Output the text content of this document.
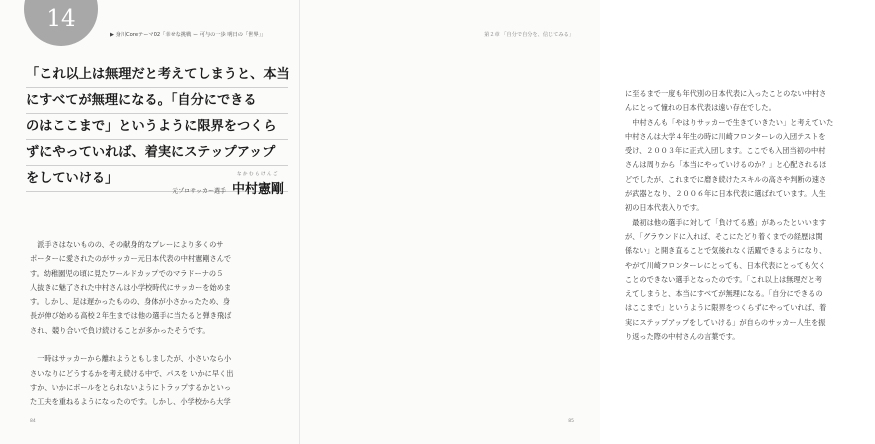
14
▶ 身川Coreテーマ02「幸せな挑戦 ー 可与の一歩 明日の「世界」」
「これ以上は無理だと考えてしまうと、本当
にすべてが無理になる。「自分にできる
のはここまで」というように限界をつくら
ずにやっていれば、着実にステップアップ
をしていける」
元プロサッカー選手
なかむらけんご
中村憲剛
　派手さはないものの、その献身的なプレーにより多くのサ
ポーターに愛されたのがサッカー元日本代表の中村憲剛さんで
す。幼稚園児の頃に見たワールドカップでのマラドーナの５
人抜きに魅了された中村さんは小学校時代にサッカーを始めま
す。しかし、足は遅かったものの、身体が小さかったため、身
長が伸び始める高校２年生までは他の選手に当たると弾き飛ば
され、競り合いで負け続けることが多かったそうです。
　一時はサッカーから離れようともしましたが、小さいなら小
さいなりにどうするかを考え続ける中で、パスを いかに早く出
すか、いかにボールをとられないようにトラップするかといっ
た工夫を重ねるようになったのです。しかし、小学校から大学
84
第２章 「自分で自分を、信じてみる」
に至るまで一度も年代別の日本代表に入ったことのない中村さ
んにとって憧れの日本代表は遠い存在でした。
　中村さんも「やはりサッカーで生きていきたい」と考えていた
中村さんは大学４年生の時に川崎フロンターレの入団テストを
受け、２００３年に正式入団します。ここでも入団当初の中村
さんは周りから「本当にやっていけるのか？」と心配されるほ
どでしたが、これまでに磨き続けたスキルの高さや判断の速さ
が武器となり、２００６年に日本代表に選ばれています。人生
初の日本代表入りです。
　最初は他の選手に対して「負けてる感」があったといいます
が、「グラウンドに入れば、そこにたどり着くまでの経歴は関
係ない」と開き直ることで気後れなく活躍できるようになり、
やがて川崎フロンターレにとっても、日本代表にとっても欠く
ことのできない選手となったのです。「これ以上は無理だと考
えてしまうと、本当にすべてが無理になる。「自分にできるの
はここまで」というように限界をつくらずにやっていれば、着
実にステップアップをしていける」が自らのサッカー人生を振
り返った際の中村さんの言葉です。
85
